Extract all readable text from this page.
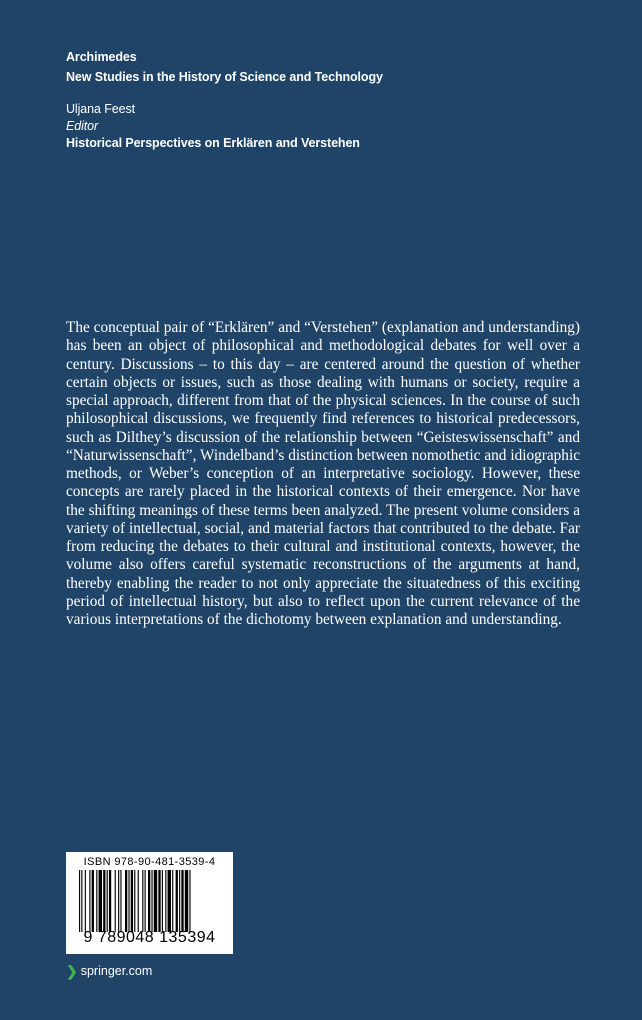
Archimedes
New Studies in the History of Science and Technology
Uljana Feest
Editor
Historical Perspectives on Erklären and Verstehen

The conceptual pair of “Erklären” and “Verstehen” (explanation and understanding) has been an object of philosophical and methodological debates for well over a century. Discussions – to this day – are centered around the question of whether certain objects or issues, such as those dealing with humans or society, require a special approach, different from that of the physical sciences. In the course of such philosophical discussions, we frequently find references to historical predecessors, such as Dilthey’s discussion of the relationship between “Geisteswissenschaft” and “Naturwissenschaft”, Windelband’s distinction between nomothetic and idiographic methods, or Weber’s conception of an interpretative sociology. However, these concepts are rarely placed in the historical contexts of their emergence. Nor have the shifting meanings of these terms been analyzed. The present volume considers a variety of intellectual, social, and material factors that contributed to the debate. Far from reducing the debates to their cultural and institutional contexts, however, the volume also offers careful systematic reconstructions of the arguments at hand, thereby enabling the reader to not only appreciate the situatedness of this exciting period of intellectual history, but also to reflect upon the current relevance of the various interpretations of the dichotomy between explanation and understanding.

ISBN 978-90-481-3539-4
9 789048 135394
❯ springer.com
